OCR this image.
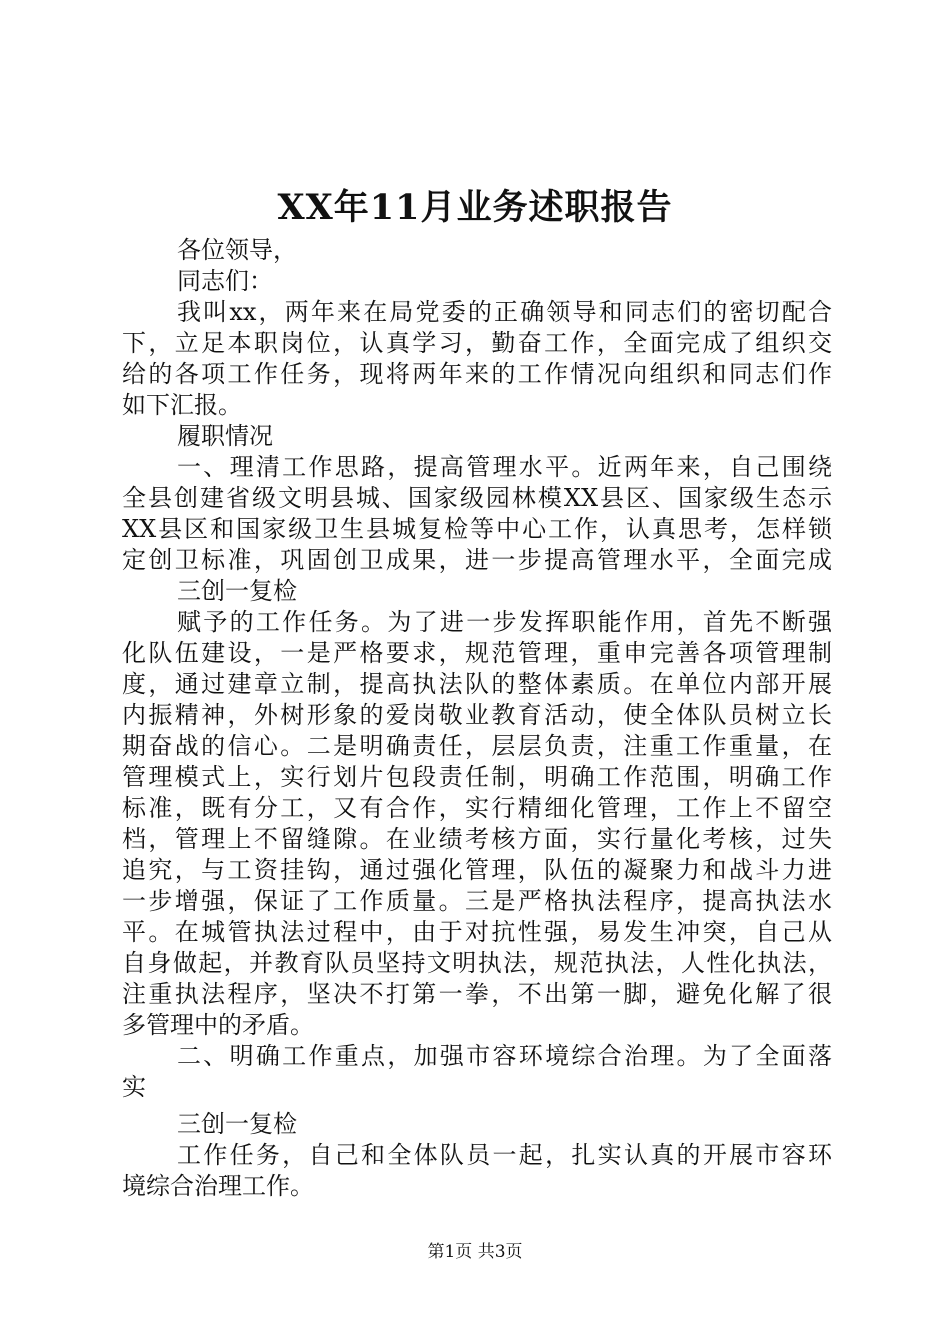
XX年11月业务述职报告
各位领导，
同志们：
我叫xx，两年来在局党委的正确领导和同志们的密切配合
下，立足本职岗位，认真学习，勤奋工作，全面完成了组织交
给的各项工作任务，现将两年来的工作情况向组织和同志们作
如下汇报。
履职情况
一、理清工作思路，提高管理水平。近两年来，自己围绕
全县创建省级文明县城、国家级园林模XX县区、国家级生态示
XX县区和国家级卫生县城复检等中心工作，认真思考，怎样锁
定创卫标准，巩固创卫成果，进一步提高管理水平，全面完成
三创一复检
赋予的工作任务。为了进一步发挥职能作用，首先不断强
化队伍建设，一是严格要求，规范管理，重申完善各项管理制
度，通过建章立制，提高执法队的整体素质。在单位内部开展
内振精神，外树形象的爱岗敬业教育活动，使全体队员树立长
期奋战的信心。二是明确责任，层层负责，注重工作重量，在
管理模式上，实行划片包段责任制，明确工作范围，明确工作
标准，既有分工，又有合作，实行精细化管理，工作上不留空
档，管理上不留缝隙。在业绩考核方面，实行量化考核，过失
追究，与工资挂钩，通过强化管理，队伍的凝聚力和战斗力进
一步增强，保证了工作质量。三是严格执法程序，提高执法水
平。在城管执法过程中，由于对抗性强，易发生冲突，自己从
自身做起，并教育队员坚持文明执法，规范执法，人性化执法，
注重执法程序，坚决不打第一拳，不出第一脚，避免化解了很
多管理中的矛盾。
二、明确工作重点，加强市容环境综合治理。为了全面落
实
三创一复检
工作任务，自己和全体队员一起，扎实认真的开展市容环
境综合治理工作。
第1页 共3页
